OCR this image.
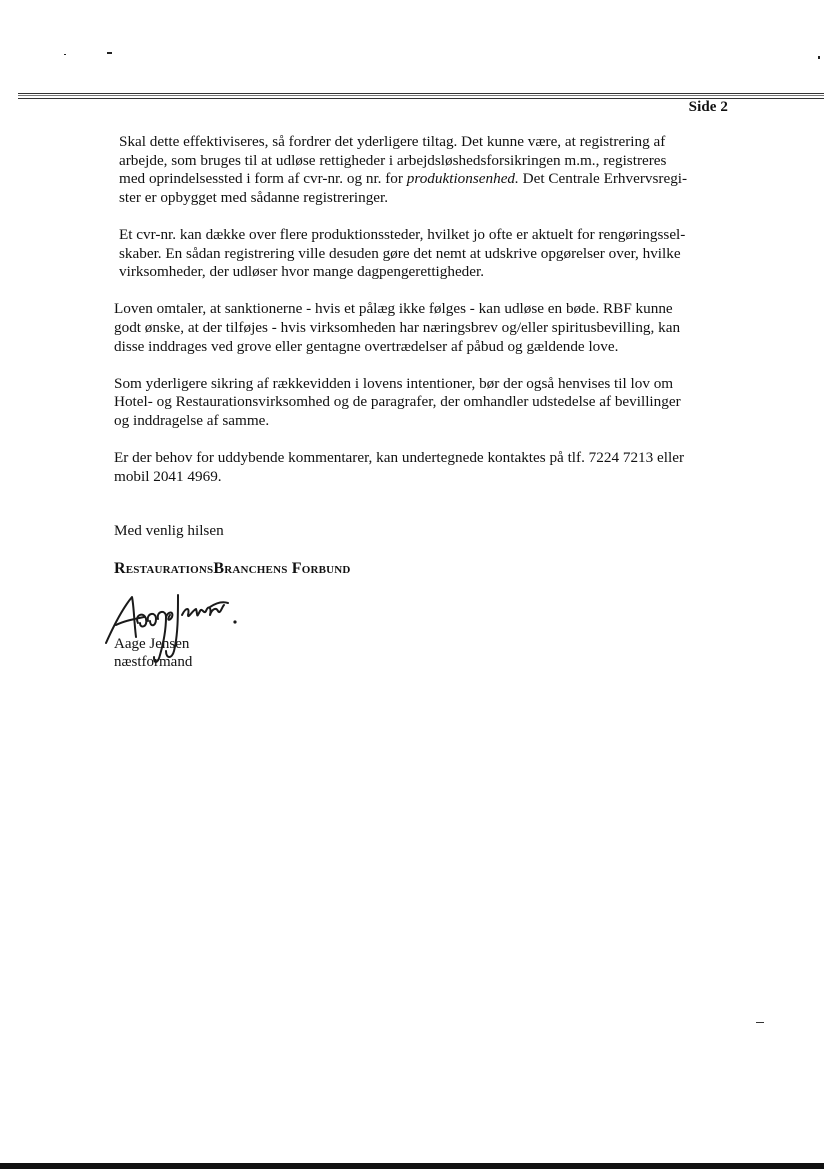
Side 2

Skal dette effektiviseres, så fordrer det yderligere tiltag. Det kunne være, at registrering af
arbejde, som bruges til at udløse rettigheder i arbejdsløshedsforsikringen m.m., registreres
med oprindelsessted i form af cvr-nr. og nr. for produktionsenhed. Det Centrale Erhvervsregi-
ster er opbygget med sådanne registreringer.

Et cvr-nr. kan dække over flere produktionssteder, hvilket jo ofte er aktuelt for rengøringssel-
skaber. En sådan registrering ville desuden gøre det nemt at udskrive opgørelser over, hvilke
virksomheder, der udløser hvor mange dagpengerettigheder.

Loven omtaler, at sanktionerne - hvis et pålæg ikke følges - kan udløse en bøde. RBF kunne
godt ønske, at der tilføjes - hvis virksomheden har næringsbrev og/eller spiritusbevilling, kan
disse inddrages ved grove eller gentagne overtrædelser af påbud og gældende love.

Som yderligere sikring af rækkevidden i lovens intentioner, bør der også henvises til lov om
Hotel- og Restaurationsvirksomhed og de paragrafer, der omhandler udstedelse af bevillinger
og inddragelse af samme.

Er der behov for uddybende kommentarer, kan undertegnede kontaktes på tlf. 7224 7213 eller
mobil 2041 4969.

Med venlig hilsen
RestaurationsBranchens Forbund
Aage Jensen
næstformand
